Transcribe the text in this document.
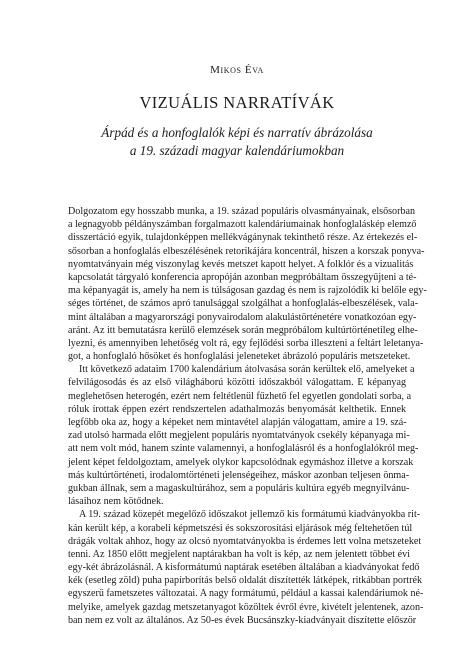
Mikos Éva
VIZUÁLIS NARRATÍVÁK
Árpád és a honfoglalók képi és narratív ábrázolása
a 19. századi magyar kalendáriumokban
Dolgozatom egy hosszabb munka, a 19. század populáris olvasmányainak, elsősorban
a legnagyobb példányszámban forgalmazott kalendáriumainak honfoglaláskép elemző
disszertáció egyik, tulajdonképpen mellékvágánynak tekinthető része. Az értekezés el-
sősorban a honfoglalás elbeszélésének retorikájára koncentrál, hiszen a korszak ponyva-
nyomtatványain még viszonylag kevés metszet kapott helyet. A folklór és a vizualitás
kapcsolatát tárgyaló konferencia apropóján azonban megpróbáltam összegyűjteni a té-
ma képanyagát is, amely ha nem is túlságosan gazdag és nem is rajzolódik ki belőle egy-
séges történet, de számos apró tanulsággal szolgálhat a honfoglalás-elbeszélések, vala-
mint általában a magyarországi ponyvairodalom alakulástörténetére vonatkozóan egy-
aránt. Az itt bemutatásra kerülő elemzések során megpróbálom kultúrtörténetileg elhe-
lyezni, és amennyiben lehetőség volt rá, egy fejlődési sorba illeszteni a feltárt leletanya-
got, a honfoglaló hősöket és honfoglalási jeleneteket ábrázoló populáris metszeteket.
Itt következő adataim 1700 kalendárium átolvasása során kerültek elő, amelyeket a
felvilágosodás és az első világháború közötti időszakból válogattam. E képanyag
meglehetősen heterogén, ezért nem feltétlenül fűzhető fel egyetlen gondolati sorba, a
róluk írottak éppen ezért rendszertelen adathalmozás benyomását kelthetik. Ennek
legfőbb oka az, hogy a képeket nem mintavétel alapján válogattam, amire a 19. szá-
zad utolsó harmada előtt megjelent populáris nyomtatványok csekély képanyaga mi-
att nem volt mód, hanem szinte valamennyi, a honfoglalásról és a honfoglalókról meg-
jelent képet feldolgoztam, amelyek olykor kapcsolódnak egymáshoz illetve a korszak
más kultúrtörténeti, irodalomtörténeti jelenségeihez, máskor azonban teljesen önma-
gukban állnak, sem a magaskultúrához, sem a populáris kultúra egyéb megnyilvánu-
lásaihoz nem kötődnek.
A 19. század közepét megelőző időszakot jellemző kis formátumú kiadványokba rit-
kán került kép, a korabeli képmetszési és sokszorosítási eljárások még feltehetően túl
drágák voltak ahhoz, hogy az olcsó nyomtatványokba is érdemes lett volna metszeteket
tenni. Az 1850 előtt megjelent naptárakban ha volt is kép, az nem jelentett többet évi
egy-két ábrázolásnál. A kisformátumú naptárak esetében általában a kiadványokat fedő
kék (esetleg zöld) puha papírborítás belső oldalát díszítették látképek, ritkábban portrék
egyszerű fametszetes változatai. A nagy formátumú, például a kassai kalendáriumok né-
melyike, amelyek gazdag metszetanyagot közöltek évről évre, kivételt jelentenek, azon-
ban nem ez volt az általános. Az 50-es évek Bucsánszky-kiadványait díszítette először
